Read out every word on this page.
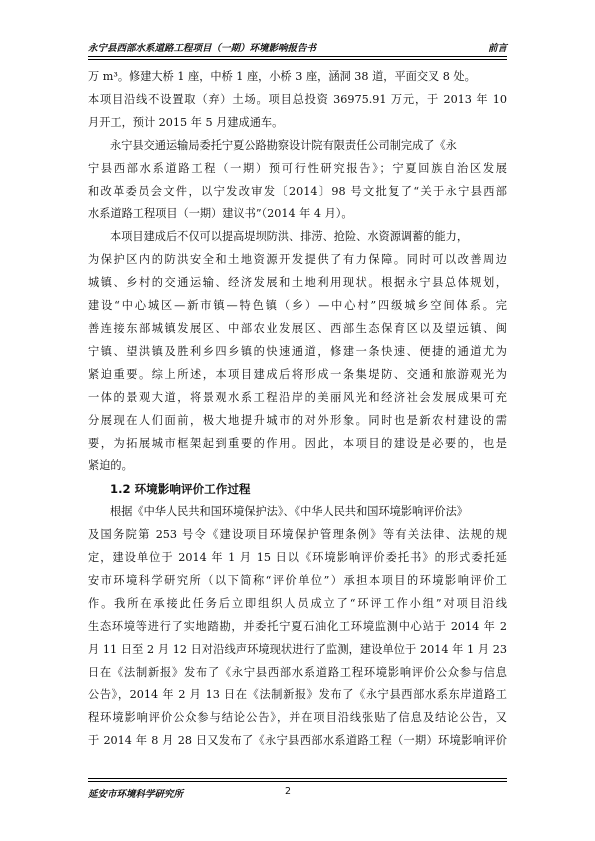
永宁县西部水系道路工程项目（一期）环境影响报告书	前言
万 m³。修建大桥 1 座，中桥 1 座，小桥 3 座，涵洞 38 道，平面交叉 8 处。
本项目沿线不设置取（弃）土场。项目总投资 36975.91 万元，于 2013 年 10
月开工，预计 2015 年 5 月建成通车。
永宁县交通运输局委托宁夏公路勘察设计院有限责任公司制完成了《永
宁县西部水系道路工程（一期）预可行性研究报告》；宁夏回族自治区发展
和改革委员会文件，以宁发改审发〔2014〕98 号文批复了“关于永宁县西部
水系道路工程项目（一期）建议书”（2014 年 4 月）。
本项目建成后不仅可以提高堤坝防洪、排涝、抢险、水资源调蓄的能力，
为保护区内的防洪安全和土地资源开发提供了有力保障。同时可以改善周边
城镇、乡村的交通运输、经济发展和土地利用现状。根据永宁县总体规划，
建设“中心城区—新市镇—特色镇（乡）—中心村”四级城乡空间体系。完
善连接东部城镇发展区、中部农业发展区、西部生态保育区以及望远镇、闽
宁镇、望洪镇及胜利乡四乡镇的快速通道，修建一条快速、便捷的通道尤为
紧迫重要。综上所述，本项目建成后将形成一条集堤防、交通和旅游观光为
一体的景观大道，将景观水系工程沿岸的美丽风光和经济社会发展成果可充
分展现在人们面前，极大地提升城市的对外形象。同时也是新农村建设的需
要，为拓展城市框架起到重要的作用。因此，本项目的建设是必要的，也是
紧迫的。
1.2 环境影响评价工作过程
根据《中华人民共和国环境保护法》、《中华人民共和国环境影响评价法》
及国务院第 253 号令《建设项目环境保护管理条例》等有关法律、法规的规
定，建设单位于 2014 年 1 月 15 日以《环境影响评价委托书》的形式委托延
安市环境科学研究所（以下简称“评价单位”）承担本项目的环境影响评价工
作。我所在承接此任务后立即组织人员成立了“环评工作小组”对项目沿线
生态环境等进行了实地踏勘，并委托宁夏石油化工环境监测中心站于 2014 年 2
月 11 日至 2 月 12 日对沿线声环境现状进行了监测，建设单位于 2014 年 1 月 23
日在《法制新报》发布了《永宁县西部水系道路工程环境影响评价公众参与信息
公告》，2014 年 2 月 13 日在《法制新报》发布了《永宁县西部水系东岸道路工
程环境影响评价公众参与结论公告》，并在项目沿线张贴了信息及结论公告，又
于 2014 年 8 月 28 日又发布了《永宁县西部水系道路工程（一期）环境影响评价
延安市环境科学研究所	2
